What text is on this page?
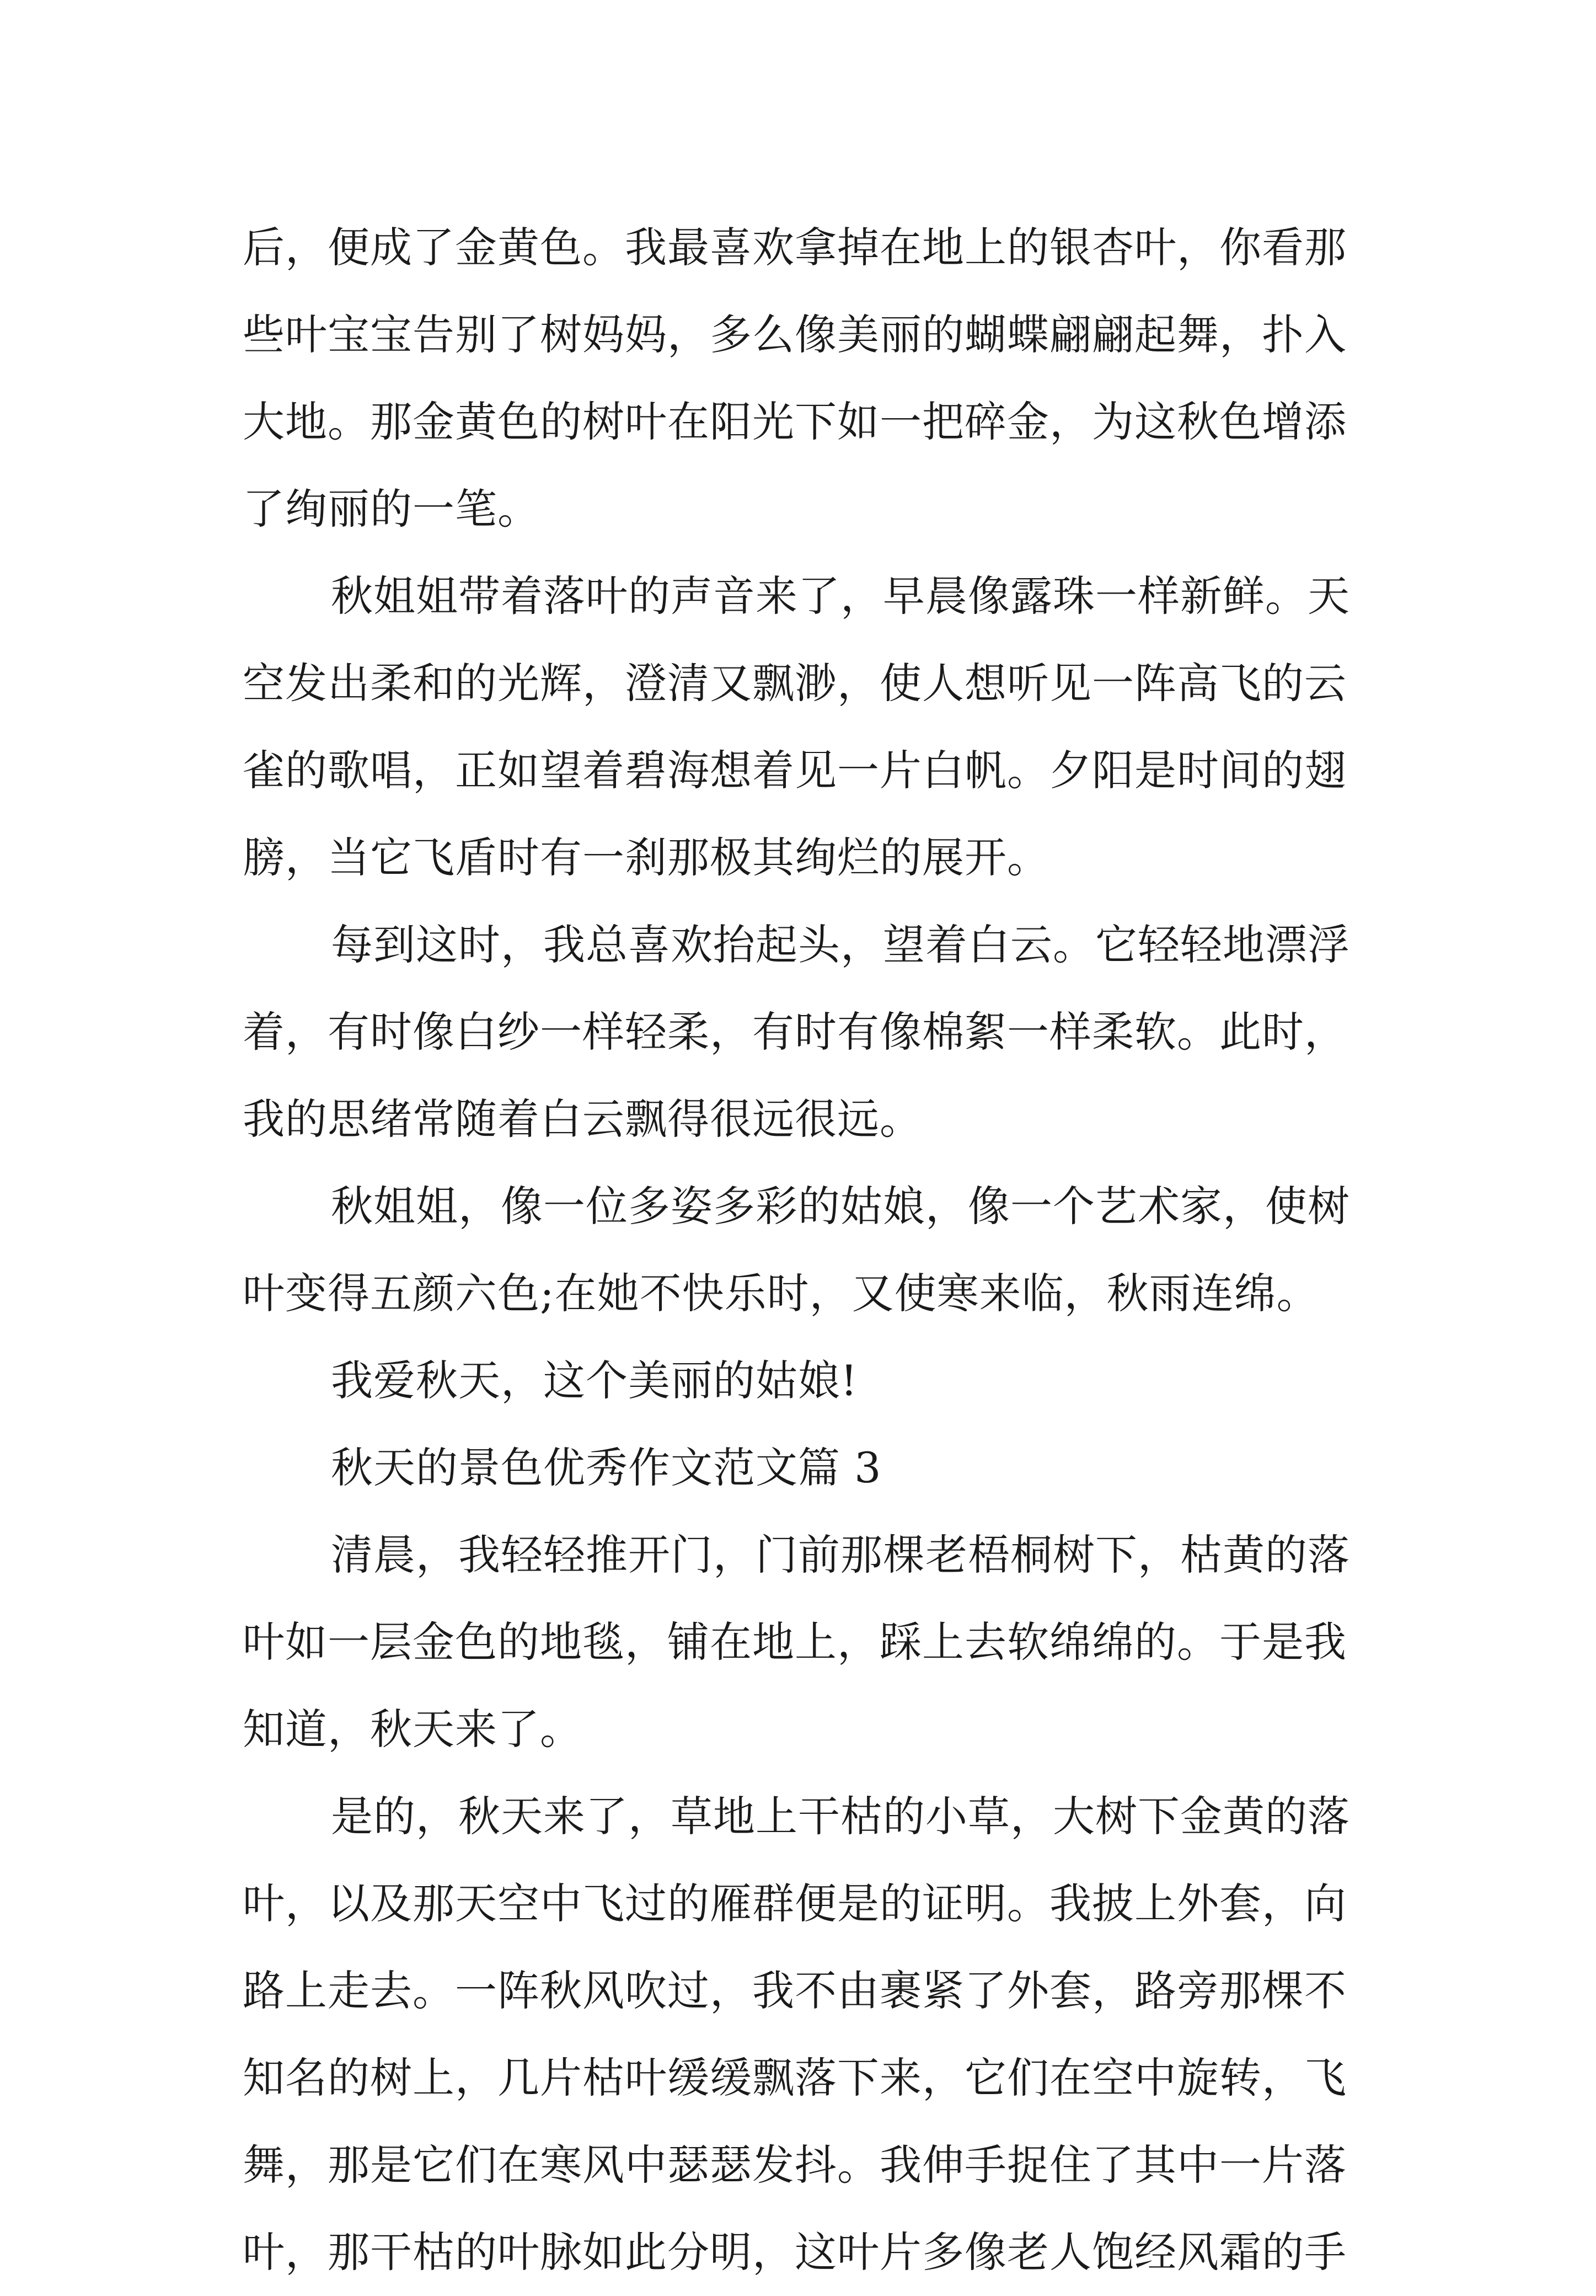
后，便成了金黄色。我最喜欢拿掉在地上的银杏叶，你看那
些叶宝宝告别了树妈妈，多么像美丽的蝴蝶翩翩起舞，扑入
大地。那金黄色的树叶在阳光下如一把碎金，为这秋色增添
了绚丽的一笔。

秋姐姐带着落叶的声音来了，早晨像露珠一样新鲜。天
空发出柔和的光辉，澄清又飘渺，使人想听见一阵高飞的云
雀的歌唱，正如望着碧海想着见一片白帆。夕阳是时间的翅
膀，当它飞盾时有一刹那极其绚烂的展开。

每到这时，我总喜欢抬起头，望着白云。它轻轻地漂浮
着，有时像白纱一样轻柔，有时有像棉絮一样柔软。此时，
我的思绪常随着白云飘得很远很远。

秋姐姐，像一位多姿多彩的姑娘，像一个艺术家，使树
叶变得五颜六色;在她不快乐时，又使寒来临，秋雨连绵。

我爱秋天，这个美丽的姑娘!

秋天的景色优秀作文范文篇 3

清晨，我轻轻推开门，门前那棵老梧桐树下，枯黄的落
叶如一层金色的地毯，铺在地上，踩上去软绵绵的。于是我
知道，秋天来了。

是的，秋天来了，草地上干枯的小草，大树下金黄的落
叶，以及那天空中飞过的雁群便是的证明。我披上外套，向
路上走去。一阵秋风吹过，我不由裹紧了外套，路旁那棵不
知名的树上，几片枯叶缓缓飘落下来，它们在空中旋转，飞
舞，那是它们在寒风中瑟瑟发抖。我伸手捉住了其中一片落
叶，那干枯的叶脉如此分明，这叶片多像老人饱经风霜的手
